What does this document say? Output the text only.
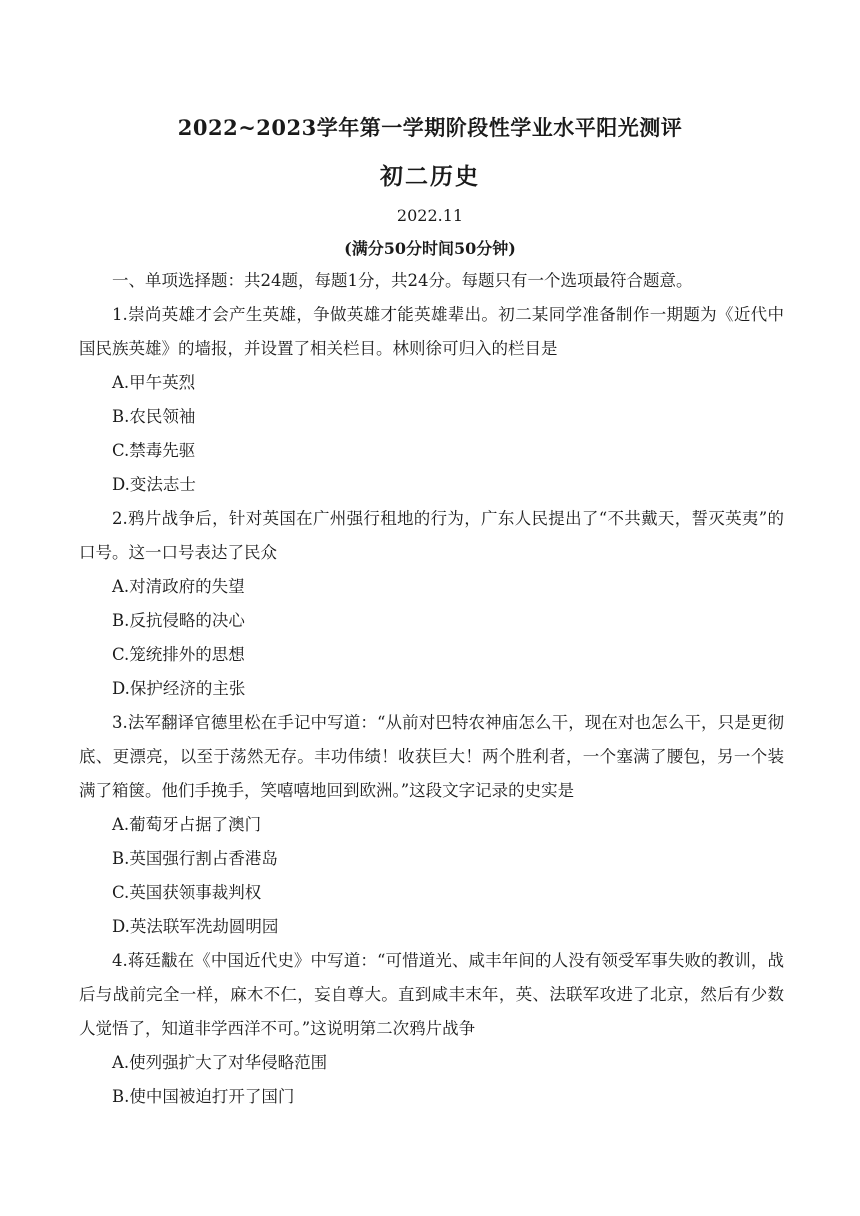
2022~2023学年第一学期阶段性学业水平阳光测评
初二历史
2022.11
(满分50分时间50分钟)

一、单项选择题：共24题，每题1分，共24分。每题只有一个选项最符合题意。

1.崇尚英雄才会产生英雄，争做英雄才能英雄辈出。初二某同学准备制作一期题为《近代中国民族英雄》的墙报，并设置了相关栏目。林则徐可归入的栏目是

A.甲午英烈

B.农民领袖

C.禁毒先驱

D.变法志士

2.鸦片战争后，针对英国在广州强行租地的行为，广东人民提出了“不共戴天，誓灭英夷”的口号。这一口号表达了民众

A.对清政府的失望

B.反抗侵略的决心

C.笼统排外的思想

D.保护经济的主张

3.法军翻译官德里松在手记中写道：“从前对巴特农神庙怎么干，现在对也怎么干，只是更彻底、更漂亮，以至于荡然无存。丰功伟绩！收获巨大！两个胜利者，一个塞满了腰包，另一个装满了箱箧。他们手挽手，笑嘻嘻地回到欧洲。”这段文字记录的史实是

A.葡萄牙占据了澳门

B.英国强行割占香港岛

C.英国获领事裁判权

D.英法联军洗劫圆明园

4.蒋廷黻在《中国近代史》中写道：“可惜道光、咸丰年间的人没有领受军事失败的教训，战后与战前完全一样，麻木不仁，妄自尊大。直到咸丰末年，英、法联军攻进了北京，然后有少数人觉悟了，知道非学西洋不可。”这说明第二次鸦片战争

A.使列强扩大了对华侵略范围

B.使中国被迫打开了国门
